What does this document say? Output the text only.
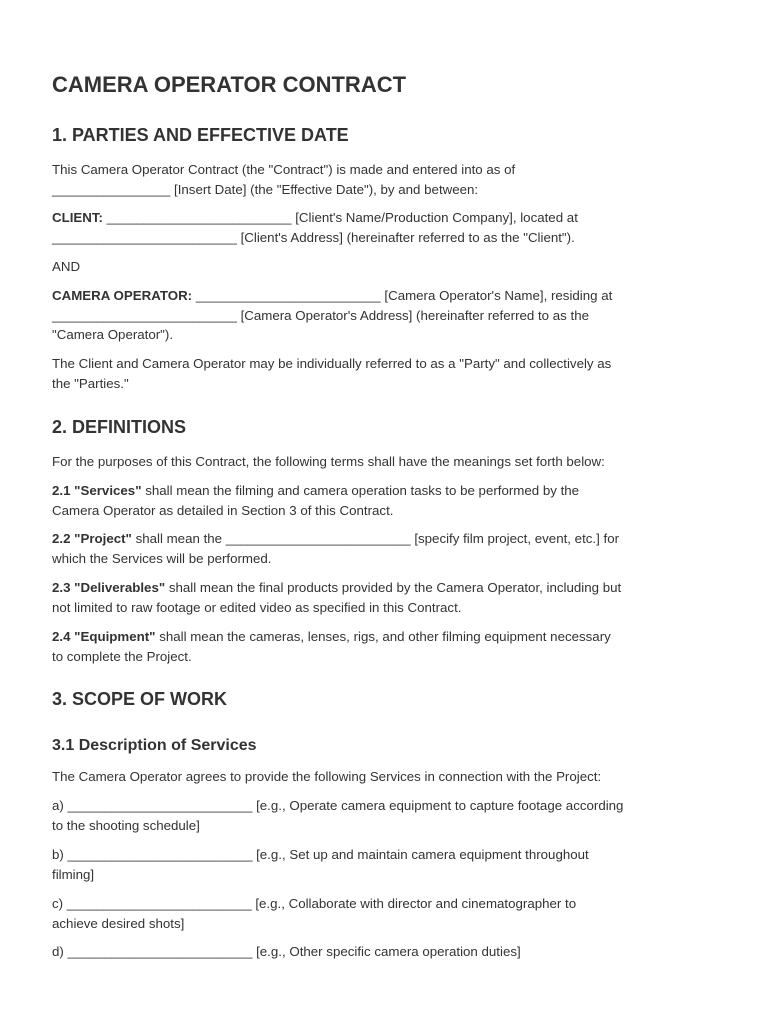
CAMERA OPERATOR CONTRACT
1. PARTIES AND EFFECTIVE DATE

This Camera Operator Contract (the "Contract") is made and entered into as of
________________ [Insert Date] (the "Effective Date"), by and between:

CLIENT: _________________________ [Client's Name/Production Company], located at
_________________________ [Client's Address] (hereinafter referred to as the "Client").

AND

CAMERA OPERATOR: _________________________ [Camera Operator's Name], residing at
_________________________ [Camera Operator's Address] (hereinafter referred to as the
"Camera Operator").

The Client and Camera Operator may be individually referred to as a "Party" and collectively as
the "Parties."

2. DEFINITIONS

For the purposes of this Contract, the following terms shall have the meanings set forth below:

2.1 "Services" shall mean the filming and camera operation tasks to be performed by the
Camera Operator as detailed in Section 3 of this Contract.

2.2 "Project" shall mean the _________________________ [specify film project, event, etc.] for
which the Services will be performed.

2.3 "Deliverables" shall mean the final products provided by the Camera Operator, including but
not limited to raw footage or edited video as specified in this Contract.

2.4 "Equipment" shall mean the cameras, lenses, rigs, and other filming equipment necessary
to complete the Project.

3. SCOPE OF WORK
3.1 Description of Services

The Camera Operator agrees to provide the following Services in connection with the Project:

a) _________________________ [e.g., Operate camera equipment to capture footage according
to the shooting schedule]

b) _________________________ [e.g., Set up and maintain camera equipment throughout
filming]

c) _________________________ [e.g., Collaborate with director and cinematographer to
achieve desired shots]

d) _________________________ [e.g., Other specific camera operation duties]
